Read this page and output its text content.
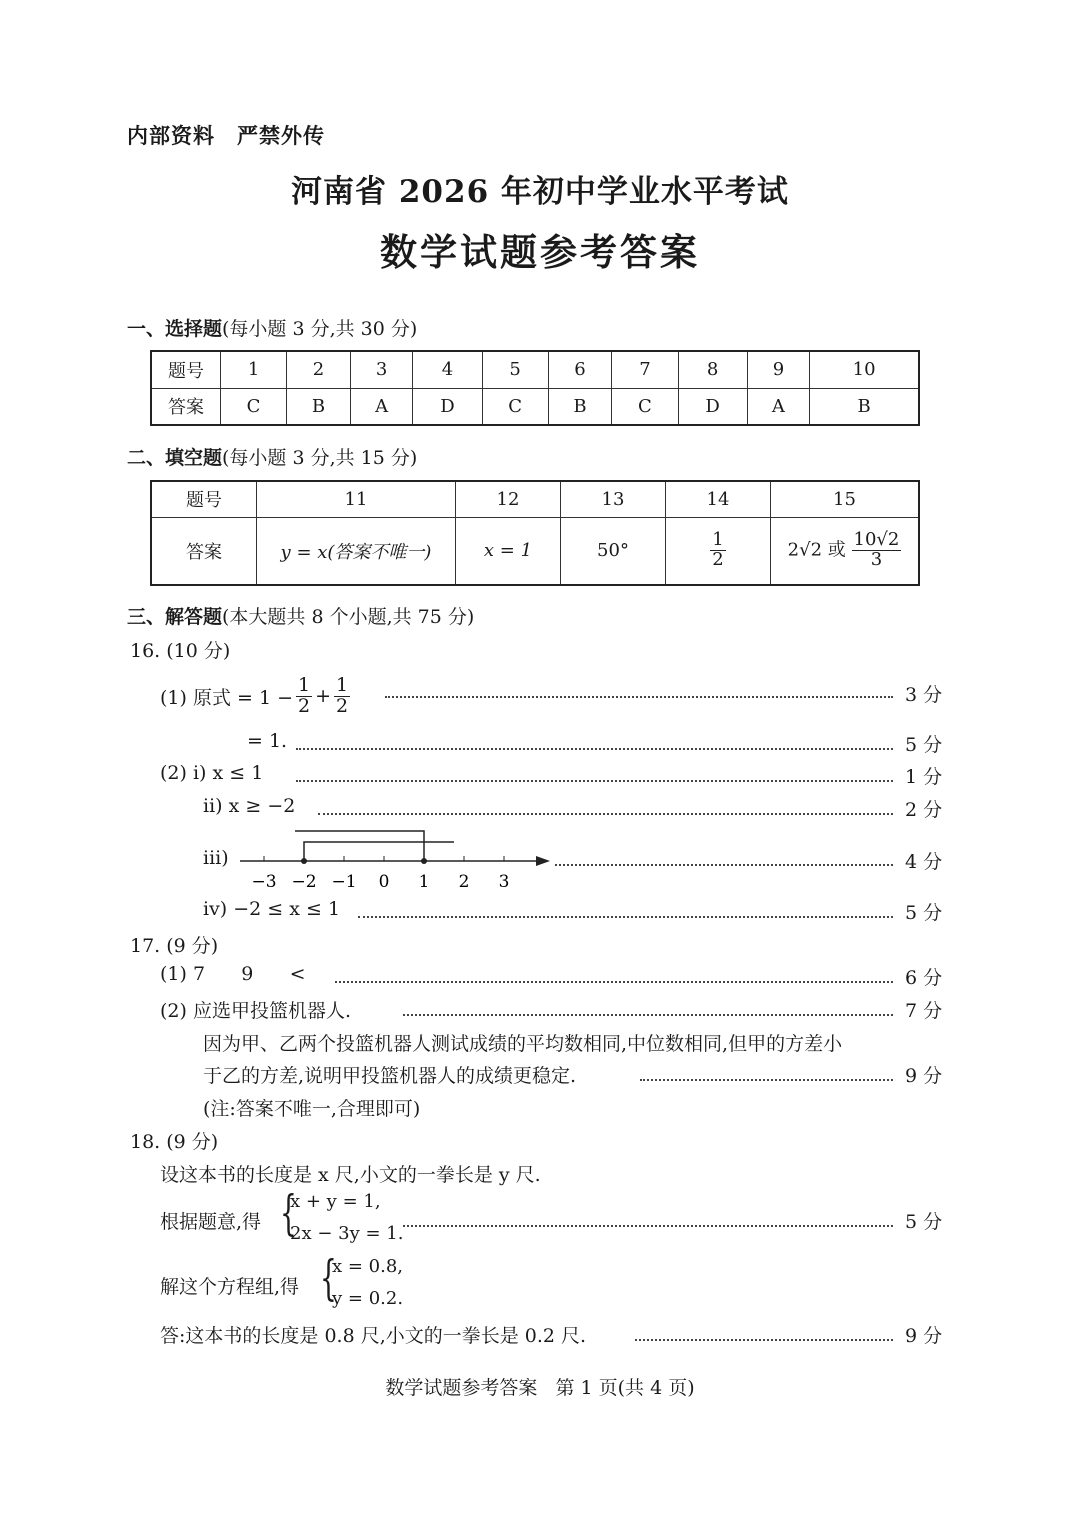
内部资料 严禁外传
河南省 2026 年初中学业水平考试
数学试题参考答案
一、选择题(每小题 3 分,共 30 分)
题号	1	2	3	4	5	6	7	8	9	10
答案	C	B	A	D	C	B	C	D	A	B
二、填空题(每小题 3 分,共 15 分)
题号	11	12	13	14	15
答案	y = x(答案不唯一)	x = 1	50°	$\frac{1}{2}$	2√2 或 $\frac{10√2}{3}$
三、解答题(本大题共 8 个小题,共 75 分)
16. (10 分)
(1) 原式 = $1 - \frac{1}{2} + \frac{1}{2}$	3 分
= 1.	5 分
(2) ⅰ) x ≤ 1	1 分
ⅱ) x ≥ −2	2 分
ⅲ)
−3 −2 −1 0 1 2 3
4 分
ⅳ) −2 ≤ x ≤ 1	5 分
17. (9 分)
(1) 7      9      <	6 分
(2) 应选甲投篮机器人.	7 分
因为甲、乙两个投篮机器人测试成绩的平均数相同,中位数相同,但甲的方差小
于乙的方差,说明甲投篮机器人的成绩更稳定.	9 分
(注:答案不唯一,合理即可)
18. (9 分)
设这本书的长度是 x 尺,小文的一拳长是 y 尺.
根据题意,得 {
x + y = 1,
2x − 3y = 1.
5 分
解这个方程组,得 {
x = 0.8,
y = 0.2.
答:这本书的长度是 0.8 尺,小文的一拳长是 0.2 尺.	9 分
数学试题参考答案   第 1 页(共 4 页)
